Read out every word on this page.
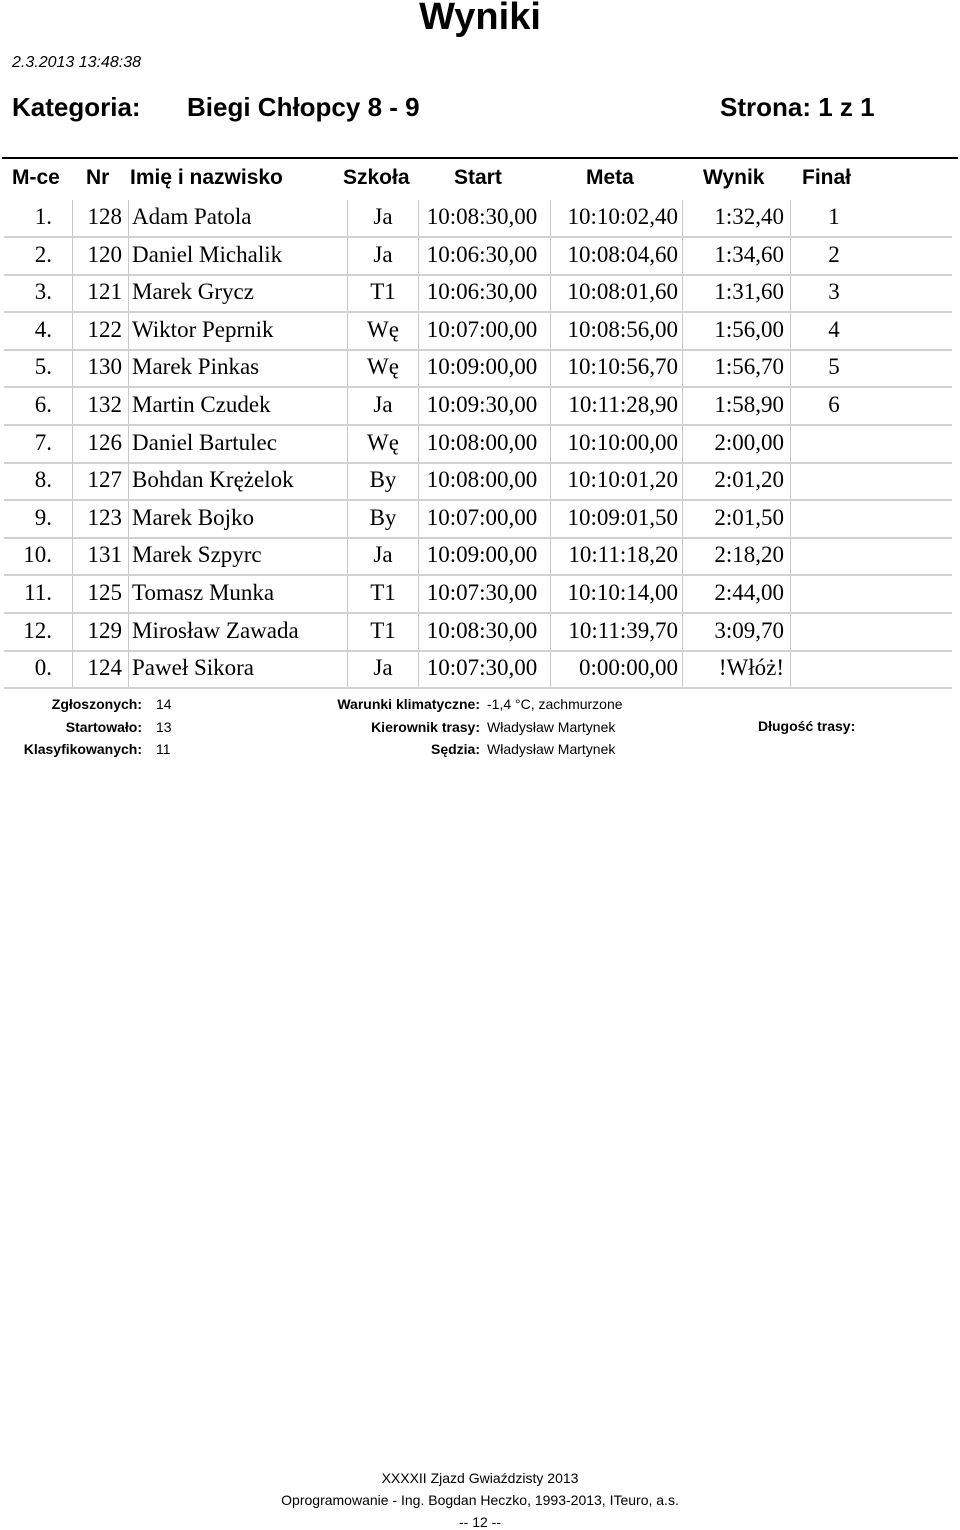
Wyniki
2.3.2013 13:48:38
Kategoria: Biegi Chłopcy 8 - 9	Strona: 1 z 1
M-ce Nr Imię i nazwisko	Szkoła Start	Meta	Wynik Finał
1. 128 Adam Patola	Ja	10:08:30,00	10:10:02,40	1:32,40	1
2. 120 Daniel Michalik	Ja	10:06:30,00	10:08:04,60	1:34,60	2
3. 121 Marek Grycz	T1	10:06:30,00	10:08:01,60	1:31,60	3
4. 122 Wiktor Peprnik	Wę	10:07:00,00	10:08:56,00	1:56,00	4
5. 130 Marek Pinkas	Wę	10:09:00,00	10:10:56,70	1:56,70	5
6. 132 Martin Czudek	Ja	10:09:30,00	10:11:28,90	1:58,90	6
7. 126 Daniel Bartulec	Wę	10:08:00,00	10:10:00,00	2:00,00
8. 127 Bohdan Krężelok	By	10:08:00,00	10:10:01,20	2:01,20
9. 123 Marek Bojko	By	10:07:00,00	10:09:01,50	2:01,50
10. 131 Marek Szpyrc	Ja	10:09:00,00	10:11:18,20	2:18,20
11. 125 Tomasz Munka	T1	10:07:30,00	10:10:14,00	2:44,00
12. 129 Mirosław Zawada	T1	10:08:30,00	10:11:39,70	3:09,70
0. 124 Paweł Sikora	Ja	10:07:30,00	0:00:00,00	!Włóż!
Zgłoszonych: 14
Startowało: 13
Klasyfikowanych: 11
Warunki klimatyczne: -1,4 °C, zachmurzone
Kierownik trasy: Władysław Martynek
Sędzia: Władysław Martynek
Długość trasy:
XXXXII Zjazd Gwiaździsty 2013
Oprogramowanie - Ing. Bogdan Heczko, 1993-2013, ITeuro, a.s.
-- 12 --
